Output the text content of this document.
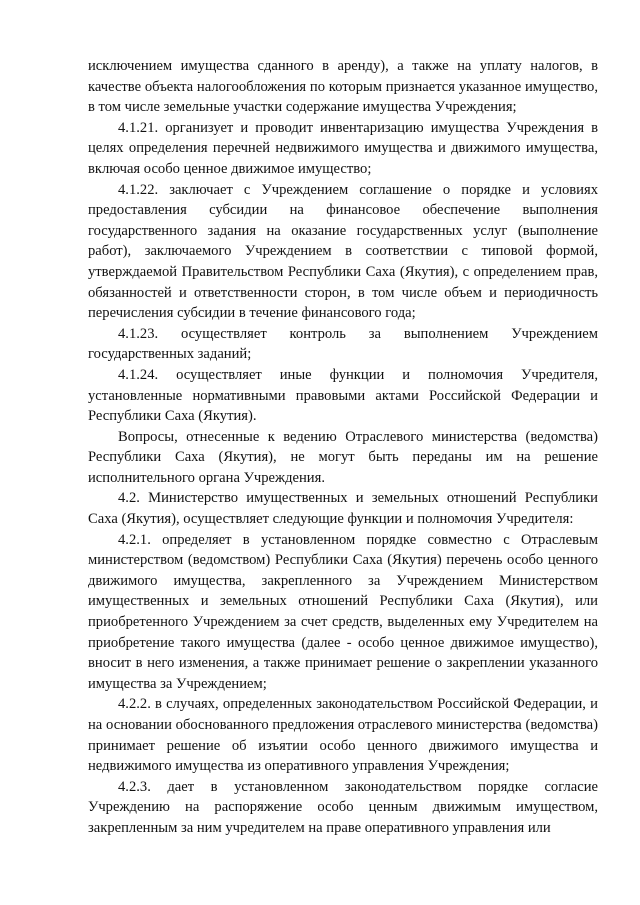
исключением имущества сданного в аренду), а также на уплату налогов, в качестве объекта налогообложения по которым признается указанное имущество, в том числе земельные участки содержание имущества Учреждения;

4.1.21. организует и проводит инвентаризацию имущества Учреждения в целях определения перечней недвижимого имущества и движимого имущества, включая особо ценное движимое имущество;

4.1.22. заключает с Учреждением соглашение о порядке и условиях предоставления субсидии на финансовое обеспечение выполнения государственного задания на оказание государственных услуг (выполнение работ), заключаемого Учреждением в соответствии с типовой формой, утверждаемой Правительством Республики Саха (Якутия), с определением прав, обязанностей и ответственности сторон, в том числе объем и периодичность перечисления субсидии в течение финансового года;

4.1.23. осуществляет контроль за выполнением Учреждением государственных заданий;

4.1.24. осуществляет иные функции и полномочия Учредителя, установленные нормативными правовыми актами Российской Федерации и Республики Саха (Якутия).

Вопросы, отнесенные к ведению Отраслевого министерства (ведомства) Республики Саха (Якутия), не могут быть переданы им на решение исполнительного органа Учреждения.

4.2. Министерство имущественных и земельных отношений Республики Саха (Якутия), осуществляет следующие функции и полномочия Учредителя:

4.2.1. определяет в установленном порядке совместно с Отраслевым министерством (ведомством) Республики Саха (Якутия) перечень особо ценного движимого имущества, закрепленного за Учреждением Министерством имущественных и земельных отношений Республики Саха (Якутия), или приобретенного Учреждением за счет средств, выделенных ему Учредителем на приобретение такого имущества (далее - особо ценное движимое имущество), вносит в него изменения, а также принимает решение о закреплении указанного имущества за Учреждением;

4.2.2. в случаях, определенных законодательством Российской Федерации, и на основании обоснованного предложения отраслевого министерства (ведомства) принимает решение об изъятии особо ценного движимого имущества и недвижимого имущества из оперативного управления Учреждения;

4.2.3. дает в установленном законодательством порядке согласие Учреждению на распоряжение особо ценным движимым имуществом, закрепленным за ним учредителем на праве оперативного управления или
